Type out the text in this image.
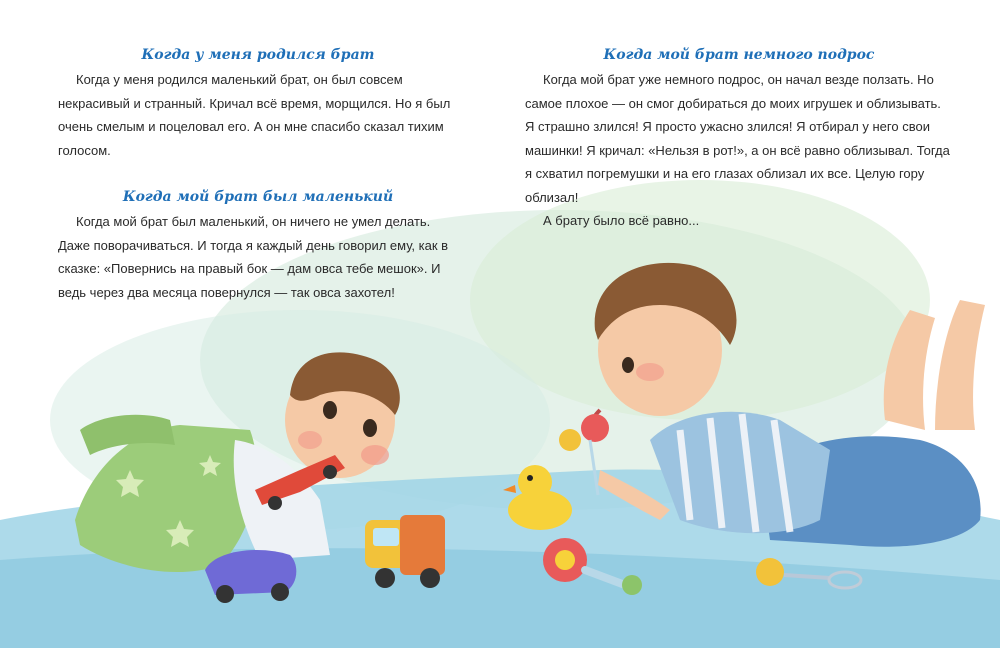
Когда у меня родился брат

Когда у меня родился маленький брат, он был совсем некрасивый и странный. Кричал всё время, морщился. Но я был очень смелым и поцеловал его. А он мне спасибо сказал тихим голосом.

Когда мой брат был маленький

Когда мой брат был маленький, он ничего не умел делать. Даже поворачиваться. И тогда я каждый день говорил ему, как в сказке: «Повернись на правый бок — дам овса тебе мешок». И ведь через два месяца повернулся — так овса захотел!

Когда мой брат немного подрос

Когда мой брат уже немного подрос, он начал везде ползать. Но самое плохое — он смог добираться до моих игрушек и облизывать. Я страшно злился! Я просто ужасно злился! Я отбирал у него свои машинки! Я кричал: «Нельзя в рот!», а он всё равно облизывал. Тогда я схватил погремушки и на его глазах облизал их все. Целую гору облизал!

А брату было всё равно...
